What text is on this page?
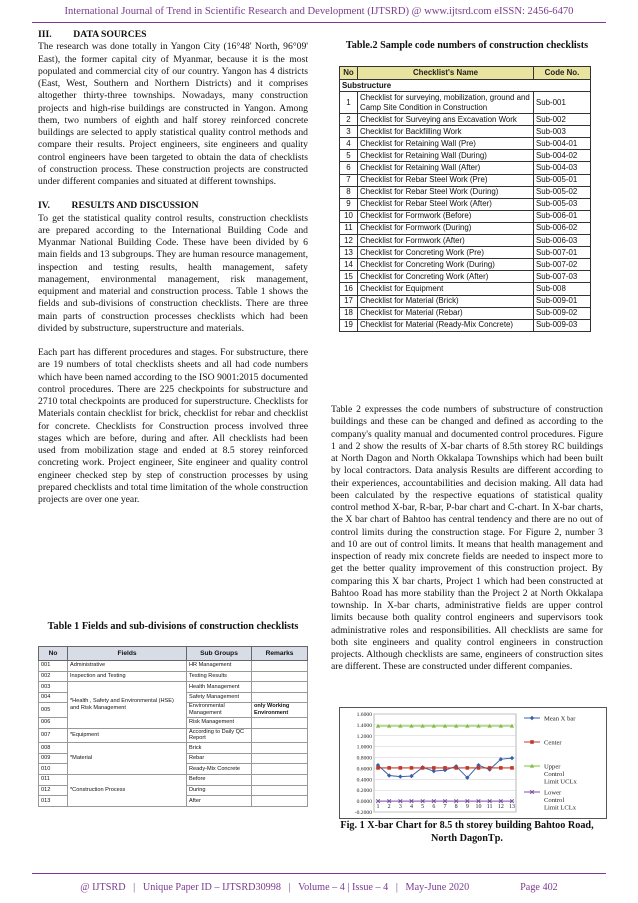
International Journal of Trend in Scientific Research and Development (IJTSRD) @ www.ijtsrd.com eISSN: 2456-6470

III.         DATA SOURCES

The research was done totally in Yangon City (16°48' North, 96°09' East), the former capital city of Myanmar, because it is the most populated and commercial city of our country. Yangon has 4 districts (East, West, Southern and Northern Districts) and it comprises altogether thirty-three townships. Nowadays, many construction projects and high-rise buildings are constructed in Yangon. Among them, two numbers of eighth and half storey reinforced concrete buildings are selected to apply statistical quality control methods and compare their results. Project engineers, site engineers and quality control engineers have been targeted to obtain the data of checklists of construction process. These construction projects are constructed under different companies and situated at different townships.

IV.         RESULTS AND DISCUSSION

To get the statistical quality control results, construction checklists are prepared according to the International Building Code and Myanmar National Building Code. These have been divided by 6 main fields and 13 subgroups. They are human resource management, inspection and testing results, health management, safety management, environmental management, risk management, equipment and material and construction process. Table 1 shows the fields and sub-divisions of construction checklists. There are three main parts of construction processes checklists which had been divided by substructure, superstructure and materials.

Each part has different procedures and stages. For substructure, there are 19 numbers of total checklists sheets and all had code numbers which have been named according to the ISO 9001:2015 documented control procedures. There are 225 checkpoints for substructure and 2710 total checkpoints are produced for superstructure. Checklists for Materials contain checklist for brick, checklist for rebar and checklist for concrete. Checklists for Construction process involved three stages which are before, during and after. All checklists had been used from mobilization stage and ended at 8.5 storey reinforced concreting work. Project engineer, Site engineer and quality control engineer checked step by step of construction processes by using prepared checklists and total time limitation of the whole construction projects are over one year.

Table 1 Fields and sub-divisions of construction checklists
No	Fields	Sub Groups	Remarks
001	Administrative	HR Management	
002	Inspection and Testing	Testing Results	
003	*Health , Safety and Environmental (HSE) and Risk Management	Health Management	
004		Safety Management	
005		Environmental Management	only Working Environment
006		Risk Management	
007	*Equipment	According to Daily QC Report	
008	*Material	Brick	
009		Rebar	
010		Ready-Mix Concrete	
011	*Construction Process	Before	
012		During	
013		After	
Table.2 Sample code numbers of construction checklists
No	Checklist's Name	Code No.
Substructure		
1	Checklist for surveying, mobilization, ground and Camp Site Condition in Construction	Sub-001
2	Checklist for Surveying ans Excavation Work	Sub-002
3	Checklist for Backfilling Work	Sub-003
4	Checklist for Retaining Wall (Pre)	Sub-004-01
5	Checklist for Retaining Wall (During)	Sub-004-02
6	Checklist for Retaining Wall (After)	Sub-004-03
7	Checklist for Rebar Steel Work (Pre)	Sub-005-01
8	Checklist for Rebar Steel Work (During)	Sub-005-02
9	Checklist for Rebar Steel Work (After)	Sub-005-03
10	Checklist for Formwork (Before)	Sub-006-01
11	Checklist for Formwork (During)	Sub-006-02
12	Checklist for Formwork (After)	Sub-006-03
13	Checklist for Concreting Work (Pre)	Sub-007-01
14	Checklist for Concreting Work (During)	Sub-007-02
15	Checklist for Concreting Work (After)	Sub-007-03
16	Checklist for Equipment	Sub-008
17	Checklist for Material (Brick)	Sub-009-01
18	Checklist for Material (Rebar)	Sub-009-02
19	Checklist for Material (Ready-Mix Concrete)	Sub-009-03

Table 2 expresses the code numbers of substructure of construction buildings and these can be changed and defined as according to the company's quality manual and documented control procedures. Figure 1 and 2 show the results of X-bar charts of 8.5th storey RC buildings at North Dagon and North Okkalapa Townships which had been built by local contractors. Data analysis Results are different according to their experiences, accountabilities and decision making. All data had been calculated by the respective equations of statistical quality control method X-bar, R-bar, P-bar chart and C-chart. In X-bar charts, the X bar chart of Bahtoo has central tendency and there are no out of control limits during the construction stage. For Figure 2, number 3 and 10 are out of control limits. It means that health management and inspection of ready mix concrete fields are needed to inspect more to get the better quality improvement of this construction project. By comparing this X bar charts, Project 1 which had been constructed at Bahtoo Road has more stability than the Project 2 at North Okkalapa township. In X-bar charts, administrative fields are upper control limits because both quality control engineers and supervisors took administrative roles and responsibilities. All checklists are same for both site engineers and quality control engineers in construction projects. Although checklists are same, engineers of construction sites are different. These are constructed under different companies.

1.6000
1.4000
1.2000
1.0000
0.8000
0.6000
0.4000
0.2000
0.0000
-0.2000
1 2 3 4 5 6 7 8 9 10 11 12 13
Mean X bar
Center
Upper Control Limit UCLx
Lower Control Limit LCLx
Fig. 1 X-bar Chart for 8.5 th storey building Bahtoo Road, North DagonTp.
@ IJTSRD   |   Unique Paper ID – IJTSRD30998   |   Volume – 4 | Issue – 4   |   May-June 2020                    Page 402
